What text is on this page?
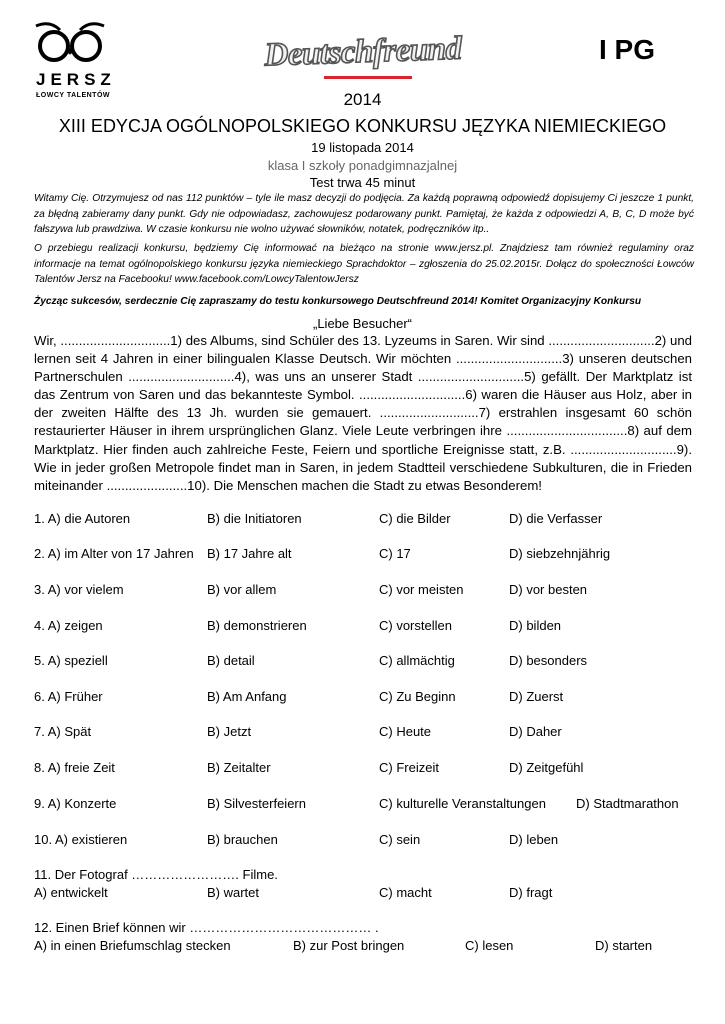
JERSZ
ŁOWCY TALENTÓW
Deutschfreund	I PG
2014
XIII EDYCJA OGÓLNOPOLSKIEGO KONKURSU JĘZYKA NIEMIECKIEGO
19 listopada 2014
klasa I szkoły ponadgimnazjalnej
Test trwa 45 minut
Witamy Cię. Otrzymujesz od nas 112 punktów – tyle ile masz decyzji do podjęcia. Za każdą poprawną odpowiedź dopisujemy Ci jeszcze 1 punkt, za błędną zabieramy dany punkt. Gdy nie odpowiadasz, zachowujesz podarowany punkt. Pamiętaj, że każda z odpowiedzi A, B, C, D może być fałszywa lub prawdziwa. W czasie konkursu nie wolno używać słowników, notatek, podręczników itp..
O przebiegu realizacji konkursu, będziemy Cię informować na bieżąco na stronie www.jersz.pl. Znajdziesz tam również regulaminy oraz informacje na temat ogólnopolskiego konkursu języka niemieckiego Sprachdoktor – zgłoszenia do 25.02.2015r. Dołącz do społeczności Łowców Talentów Jersz na Facebooku! www.facebook.com/LowcyTalentowJersz
Życząc sukcesów, serdecznie Cię zapraszamy do testu konkursowego Deutschfreund 2014! Komitet Organizacyjny Konkursu
„Liebe Besucher“
Wir, ..............................1) des Albums, sind Schüler des 13. Lyzeums in Saren. Wir sind .............................2) und lernen seit 4 Jahren in einer bilingualen Klasse Deutsch. Wir möchten .............................3) unseren deutschen Partnerschulen .............................4), was uns an unserer Stadt .............................5) gefällt. Der Marktplatz ist das Zentrum von Saren und das bekannteste Symbol. .............................6) waren die Häuser aus Holz, aber in der zweiten Hälfte des 13 Jh. wurden sie gemauert. ...........................7) erstrahlen insgesamt 60 schön restaurierter Häuser in ihrem ursprünglichen Glanz. Viele Leute verbringen ihre .................................8) auf dem Marktplatz. Hier finden auch zahlreiche Feste, Feiern und sportliche Ereignisse statt, z.B. .............................9). Wie in jeder großen Metropole findet man in Saren, in jedem Stadtteil verschiedene Subkulturen, die in Frieden miteinander ......................10). Die Menschen machen die Stadt zu etwas Besonderem!
1. A) die Autoren	B) die Initiatoren	C) die Bilder	D) die Verfasser
2. A) im Alter von 17 Jahren B) 17 Jahre alt	C) 17	D) siebzehnjährig
3. A) vor vielem	B) vor allem	C) vor meisten	D) vor besten
4. A) zeigen	B) demonstrieren	C) vorstellen	D) bilden
5. A) speziell	B) detail	C) allmächtig	D) besonders
6. A) Früher	B) Am Anfang	C) Zu Beginn	D) Zuerst
7. A) Spät	B) Jetzt	C) Heute	D) Daher
8. A) freie Zeit	B) Zeitalter	C) Freizeit	D) Zeitgefühl
9. A) Konzerte	B) Silvesterfeiern	C) kulturelle Veranstaltungen D) Stadtmarathon
10. A) existieren	B) brauchen	C) sein	D) leben
11. Der Fotograf ……………………. Filme.
A) entwickelt	B) wartet	C) macht	D) fragt
12. Einen Brief können wir …………………………………… .
A) in einen Briefumschlag stecken	B) zur Post bringen	C) lesen	D) starten
